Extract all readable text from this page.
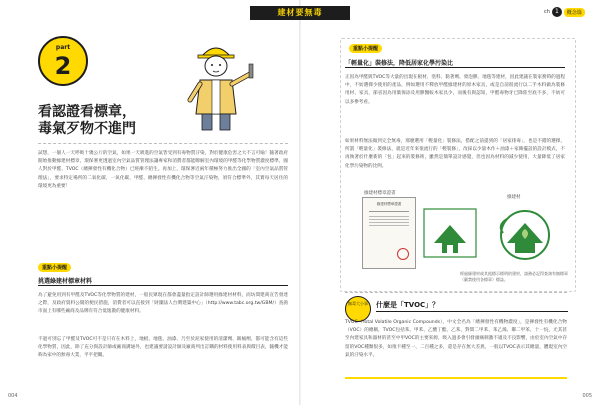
建材要無毒	ch 1	概念篇
part
2
看認證看標章，
毒氣歹物不進門
試想，一個人一天呼吸十幾公斤的空氣，如果一天吸進的空氣皆受到有毒物質汙染，對於健康危害之大不言可喻！隨著政府開始推動綠建材標章，環保署更透過室內空氣品質管理法讓專家和消費者都能瞭解室內環境的甲醛等化學物質濃度標準，國人對於甲醛、TVOC（總揮發性有機化合物）已經漸不陌生。再加上，環保署近兩年積極努力推出全國的「室內空氣品質管理法」，要求特定場所的二氧化碳、一氧化碳、甲醛、總揮發性有機化合物等空氣汙染物，須符合標準外，其實每天居住的環境更為重要！
重點小提醒
挑選綠建材標章材料
為了避免用到有甲醛及TVOC等化學物質的建材，一般民眾現在都會盡量指定設計師選用綠建材材料，而坊間建商宣告發達之際，及政府資料公開的便民措施，消費者可以直接到「財團法人台灣建築中心」（http://www.tabc.org.tw/GBM/）查詢市面上有哪些廠商及品牌有符合低逸散的健康材料。
不過可別忘了甲醛及TVOC可不是只有在木料上，地板、地毯、油漆、乃至於泥家使用的清潔劑、飯桶劑，都可能含有這些化學物質，因此，除了充分與設計師或廠商溝通外，也建議要請設計師及廠商列出訂購的材料使用料表與價目表，隨機才能夠為家中的無毒大業，平平把關。
004
重點小提醒
「輕量化」裝修法，降低居家化學污染比
正因為甲醛與TVOC等大量的出現在板材、塗料、黏著劑、發泡膠、地毯等建材，因此建議在裝家務時的過程中，不妨選擇少使用的產品，例如選用不釋放甲醛綠建材的原木家具，或是自前很流行以二手木料做為裝修用材、家具，節省因為用僑保添及用膠醫較木家具少，而後有與認知，甲醛毒物牙已降陸至底不多，不妨可以多參考看。
如果材料無法做到完全無毒，那麼選用「輕量化」裝修法，搭配之前提到的「居家排毒」，也是不錯的選擇，所謂「輕量化」裝修法，就是近年來很流行的「輕裝修」，改採以少量木作＋油漆＋家飾擺設的設計模式，不再執著於什麼新的「包」起來的裝修術，雖然是簡單設計感覺，但也因為材料的減少使用，大量降低了居家化學污染物的比例。
綠建材標章證書
綠建材標章證書
綠建材
經過綠建材或其他標示標明的建材，請務必記得查詢有無標章（嚴禁使用各標章）標誌。
無毒大小事 什麼是「TVOC」？
TVOC（Total Volatile Organic Compounds），中文全名為「總揮發性有機物濃度」，是揮發性有機化合物（VOC）的總稱，TVOC包括苯、甲苯、乙酸丁酯、乙苯、對間二甲苯、苯乙烯、鄰二甲苯、十一烷，尤其甚至內建家具和器材的甚至中甲VOC的主要來源，吸入過多會引發頭痛刺激不適及不良影響，由於室內空氣中存留的VOC種類很多，如推卡種至一、二百種之多，還是存在無大差異，一般以TVOC表示其總量，體現室內空氣的汙染水平。
005
